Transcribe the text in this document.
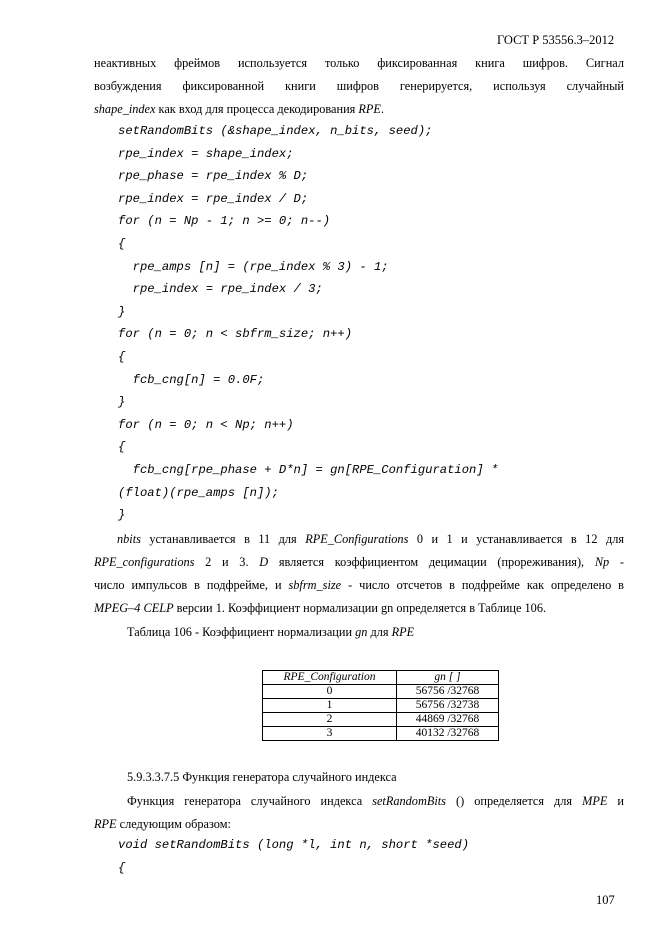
ГОСТ Р 53556.3–2012
неактивных фреймов используется только фиксированная книга шифров. Сигнал
возбуждения фиксированной книги шифров генерируется, используя случайный
shape_index как вход для процесса декодирования RPE.
setRandomBits (&shape_index, n_bits, seed);
rpe_index = shape_index;
rpe_phase = rpe_index % D;
rpe_index = rpe_index / D;
for (n = Np - 1; n >= 0; n--)
{
rpe_amps [n] = (rpe_index % 3) - 1;
rpe_index = rpe_index / 3;
}
for (n = 0; n < sbfrm_size; n++)
{
fcb_cng[n] = 0.0F;
}
for (n = 0; n < Np; n++)
{
fcb_cng[rpe_phase + D*n] = gn[RPE_Configuration] *
(float)(rpe_amps [n]);
}
nbits устанавливается в 11 для RPE_Configurations 0 и 1 и устанавливается в 12 для
RPE_configurations 2 и 3. D является коэффициентом децимации (прореживания), Np -
число импульсов в подфрейме, и sbfrm_size - число отсчетов в подфрейме как определено в
MPEG–4 CELP версии 1. Коэффициент нормализации gn определяется в Таблице 106.
Таблица 106 - Коэффициент нормализации gn для RPE
RPE_Configuration	gn [ ]
0	56756 /32768
1	56756 /32738
2	44869 /32768
3	40132 /32768
5.9.3.3.7.5 Функция генератора случайного индекса
Функция генератора случайного индекса setRandomBits () определяется для MPE и
RPE следующим образом:
void setRandomBits (long *l, int n, short *seed)
{
107
